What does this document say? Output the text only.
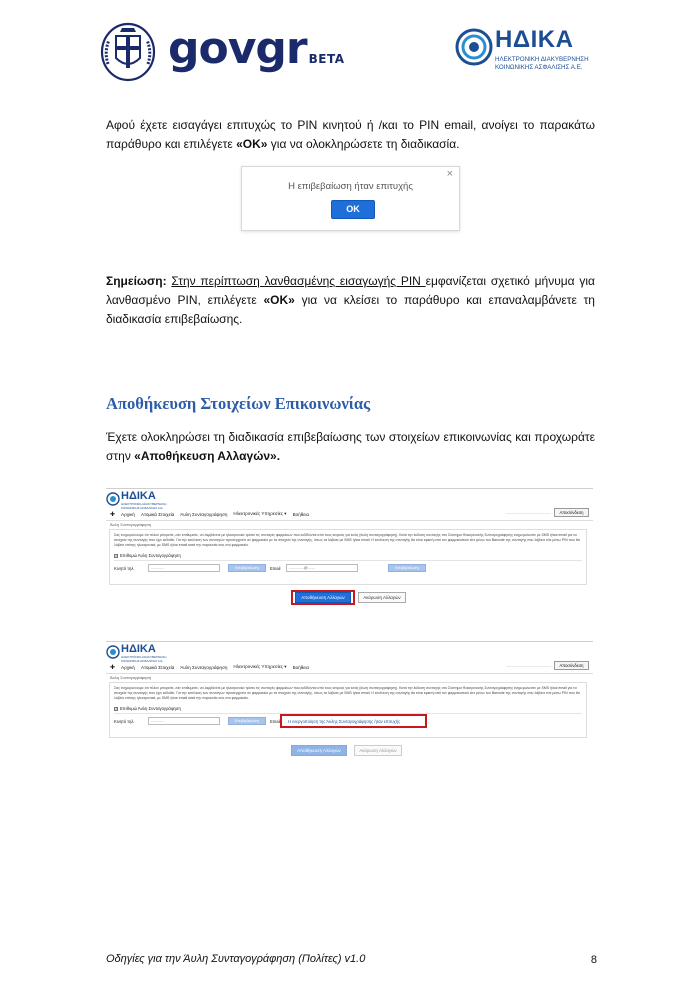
govgr BETA
ΗΔΙΚΑ
ΗΛΕΚΤΡΟΝΙΚΗ ΔΙΑΚΥΒΕΡΝΗΣΗ
ΚΟΙΝΩΝΙΚΗΣ ΑΣΦΑΛΙΣΗΣ Α.Ε.

Αφού έχετε εισαγάγει επιτυχώς το PIN κινητού ή /και το PIN email, ανοίγει το παρακάτω παράθυρο και επιλέγετε «ΟΚ» για να ολοκληρώσετε τη διαδικασία.

×
Η επιβεβαίωση ήταν επιτυχής
ΟΚ

Σημείωση: Στην περίπτωση λανθασμένης εισαγωγής PIN εμφανίζεται σχετικό μήνυμα για λανθασμένο PIN, επιλέγετε «ΟΚ» για να κλείσει το παράθυρο και επαναλαμβάνετε τη διαδικασία επιβεβαίωσης.

Αποθήκευση Στοιχείων Επικοινωνίας

Έχετε ολοκληρώσει τη διαδικασία επιβεβαίωσης των στοιχείων επικοινωνίας και προχωράτε στην «Αποθήκευση Αλλαγών».

ΗΔΙΚΑ
ΗΛΕΚΤΡΟΝΙΚΗ ΔΙΑΚΥΒΕΡΝΗΣΗ
ΚΟΙΝΩΝΙΚΗΣ ΑΣΦΑΛΙΣΗΣ Α.Ε.
..............................................	Αποσύνδεση
✚ Αρχική Ατομικά Στοιχεία Άυλη Συνταγογράφηση Ηλεκτρονικές Υπηρεσίες ▾ Βοήθεια
Άυλη Συνταγογράφηση
Σας ενημερώνουμε ότι πλέον μπορείτε, εάν επιθυμείτε, να λαμβάνετε με ηλεκτρονικό τρόπο τις συνταγές φαρμάκων που εκδίδονται από τους ιατρούς για εσάς (άυλη συνταγογράφηση). Κατά την έκδοση συνταγής στο Σύστημα Ηλεκτρονικής Συνταγογράφησης ενημερώνεστε με SMS ή/και email για τα στοιχεία της συνταγής που έχει εκδοθεί. Για την εκτέλεση των συνταγών προσέρχεστε σε φαρμακείο με τα στοιχεία της συνταγής, όπως τα λάβατε με SMS ή/και email. Η εκτέλεση της συνταγής θα είναι εφικτή από τον φαρμακοποιό είτε μέσω του Barcode της συνταγής που λάβατε είτε μέσω PIN που θα λάβετε επίσης ηλεκτρονικά, με SMS ή/και email κατά την παρουσία σας στο φαρμακείο.
✓ Επιθυμώ Άυλη Συνταγογράφηση
Κινητό τηλ.	............	Επιβεβαίωση	Email	..............@.......	Επιβεβαίωση
Αποθήκευση Αλλαγών	Ακύρωση Αλλαγών
ΗΔΙΚΑ
ΗΛΕΚΤΡΟΝΙΚΗ ΔΙΑΚΥΒΕΡΝΗΣΗ
ΚΟΙΝΩΝΙΚΗΣ ΑΣΦΑΛΙΣΗΣ Α.Ε.
..............................................	Αποσύνδεση
✚ Αρχική Ατομικά Στοιχεία Άυλη Συνταγογράφηση Ηλεκτρονικές Υπηρεσίες ▾ Βοήθεια
Άυλη Συνταγογράφηση
Σας ενημερώνουμε ότι πλέον μπορείτε, εάν επιθυμείτε, να λαμβάνετε με ηλεκτρονικό τρόπο τις συνταγές φαρμάκων που εκδίδονται από τους ιατρούς για εσάς (άυλη συνταγογράφηση). Κατά την έκδοση συνταγής στο Σύστημα Ηλεκτρονικής Συνταγογράφησης ενημερώνεστε με SMS ή/και email για τα στοιχεία της συνταγής που έχει εκδοθεί. Για την εκτέλεση των συνταγών προσέρχεστε σε φαρμακείο με τα στοιχεία της συνταγής, όπως τα λάβατε με SMS ή/και email. Η εκτέλεση της συνταγής θα είναι εφικτή από τον φαρμακοποιό είτε μέσω του Barcode της συνταγής που λάβατε είτε μέσω PIN που θα λάβετε επίσης ηλεκτρονικά, με SMS ή/και email κατά την παρουσία σας στο φαρμακείο.
✓ Επιθυμώ Άυλη Συνταγογράφηση
Κινητό τηλ.	............	Επιβεβαίωση	Email Η ενεργοποίηση της Άυλης Συνταγογράφησης ήταν επιτυχής
Αποθήκευση Αλλαγών	Ακύρωση Αλλαγών
Οδηγίες για την Άυλη Συνταγογράφηση (Πολίτες) v1.0	8
